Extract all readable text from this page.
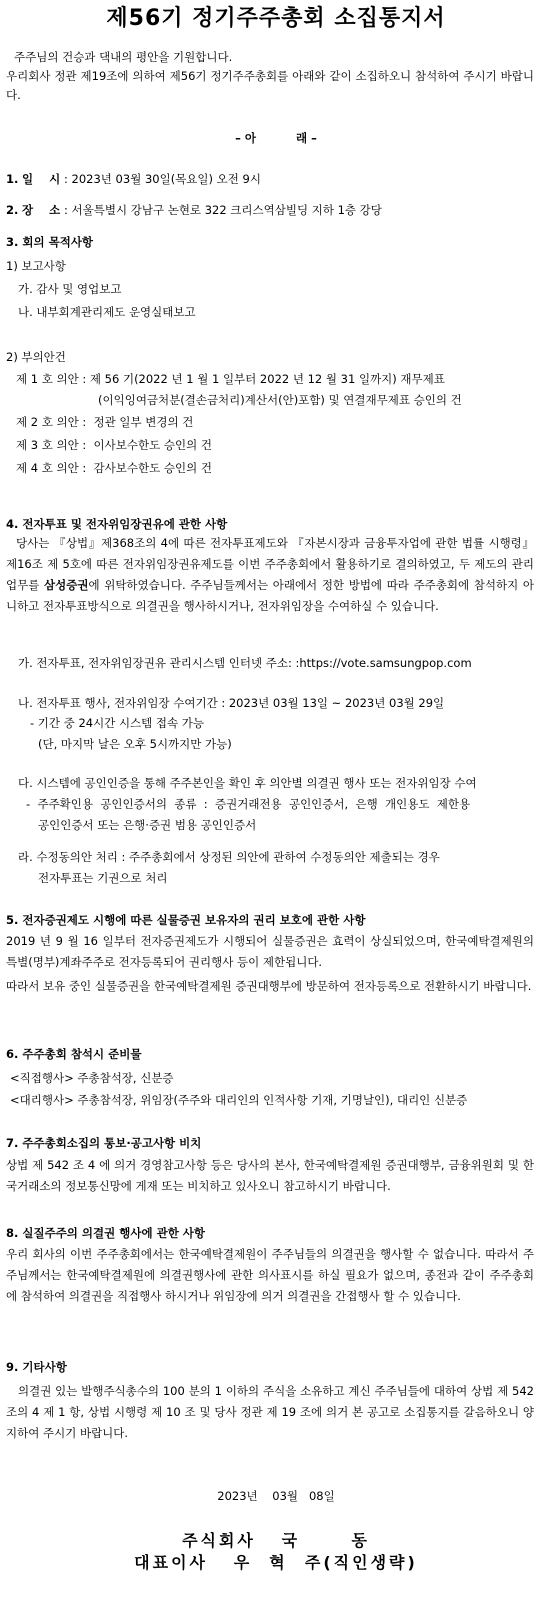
제56기 정기주주총회 소집통지서
주주님의 건승과 댁내의 평안을 기원합니다.
우리회사 정관 제19조에 의하여 제56기 정기주주총회를 아래와 같이 소집하오니 참석하여 주시기 바랍니다.
– 아          래 –
1. 일    시 : 2023년 03월 30일(목요일) 오전 9시
2. 장    소 : 서울특별시 강남구 논현로 322 크리스역삼빌딩 지하 1층 강당
3. 회의 목적사항
1) 보고사항
가. 감사 및 영업보고
나. 내부회계관리제도 운영실태보고
2) 부의안건
제 1 호 의안 : 제 56 기(2022 년 1 월 1 일부터 2022 년 12 월 31 일까지) 재무제표
(이익잉여금처분(결손금처리)계산서(안)포함) 및 연결재무제표 승인의 건
제 2 호 의안 :  정관 일부 변경의 건
제 3 호 의안 :  이사보수한도 승인의 건
제 4 호 의안 :  감사보수한도 승인의 건
4. 전자투표 및 전자위임장권유에 관한 사항
당사는 『상법』제368조의 4에 따른 전자투표제도와 『자본시장과 금융투자업에 관한 법률 시행령』제16조 제 5호에 따른 전자위임장권유제도를 이번 주주총회에서 활용하기로 결의하였고, 두 제도의 관리업무를 삼성증권에 위탁하였습니다. 주주님들께서는 아래에서 정한 방법에 따라 주주총회에 참석하지 아니하고 전자투표방식으로 의결권을 행사하시거나, 전자위임장을 수여하실 수 있습니다.
가. 전자투표, 전자위임장권유 관리시스템 인터넷 주소: :https://vote.samsungpop.com
나. 전자투표 행사, 전자위임장 수여기간 : 2023년 03월 13일 ~ 2023년 03월 29일
- 기간 중 24시간 시스템 접속 가능
(단, 마지막 날은 오후 5시까지만 가능)
다. 시스템에 공인인증을 통해 주주본인을 확인 후 의안별 의결권 행사 또는 전자위임장 수여
-  주주확인용  공인인증서의  종류  :  증권거래전용  공인인증서,  은행  개인용도  제한용
공인인증서 또는 은행·증권 범용 공인인증서
라. 수정동의안 처리 : 주주총회에서 상정된 의안에 관하여 수정동의안 제출되는 경우
전자투표는 기권으로 처리
5. 전자증권제도 시행에 따른 실물증권 보유자의 권리 보호에 관한 사항
2019 년 9 월 16 일부터 전자증권제도가 시행되어 실물증권은 효력이 상실되었으며, 한국예탁결제원의 특별(명부)계좌주주로 전자등록되어 권리행사 등이 제한됩니다.
따라서 보유 중인 실물증권을 한국예탁결제원 증권대행부에 방문하여 전자등록으로 전환하시기 바랍니다.
6. 주주총회 참석시 준비물
<직접행사> 주총참석장, 신분증
<대리행사> 주총참석장, 위임장(주주와 대리인의 인적사항 기재, 기명날인), 대리인 신분증
7. 주주총회소집의 통보·공고사항 비치
상법 제 542 조 4 에 의거 경영참고사항 등은 당사의 본사, 한국예탁결제원 증권대행부, 금융위원회 및 한국거래소의 정보통신망에 게재 또는 비치하고 있사오니 참고하시기 바랍니다.
8. 실질주주의 의결권 행사에 관한 사항
우리 회사의 이번 주주총회에서는 한국예탁결제원이 주주님들의 의결권을 행사할 수 없습니다. 따라서 주주님께서는 한국예탁결제원에 의결권행사에 관한 의사표시를 하실 필요가 없으며, 종전과 같이 주주총회에 참석하여 의결권을 직접행사 하시거나 위임장에 의거 의결권을 간접행사 할 수 있습니다.
9. 기타사항
의결권 있는 발행주식총수의 100 분의 1 이하의 주식을 소유하고 계신 주주님들에 대하여 상법 제 542 조의 4 제 1 항, 상법 시행령 제 10 조 및 당사 정관 제 19 조에 의거 본 공고로 소집통지를 갈음하오니 양지하여 주시기 바랍니다.
2023년    03월   08일
주식회사   국      동
대표이사   우  혁  주(직인생략)
